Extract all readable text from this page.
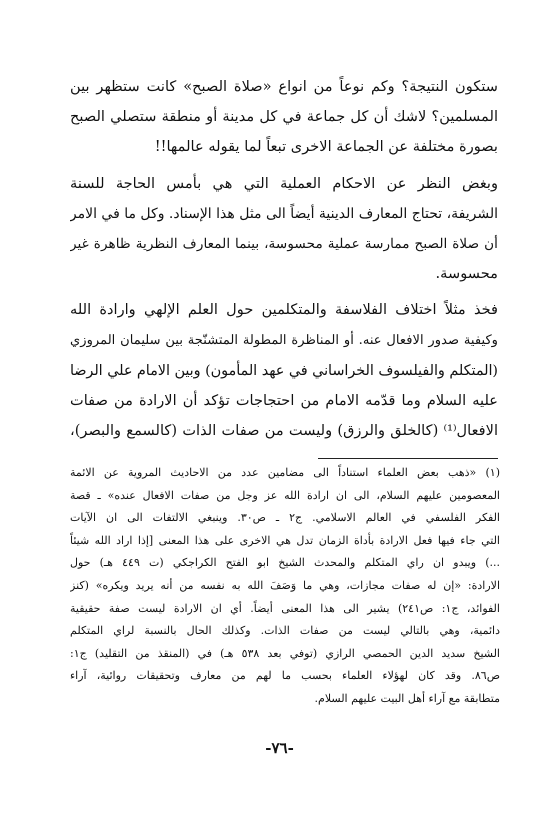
ستكون النتيجة؟ وكم نوعاً من انواع «صلاة الصبح» كانت ستظهر بين
المسلمين؟ لاشك أن كل جماعة في كل مدينة أو منطقة ستصلي الصبح
بصورة مختلفة عن الجماعة الاخرى تبعاً لما يقوله عالمها!!
وبغض النظر عن الاحكام العملية التي هي بأمس الحاجة للسنة
الشريفة، تحتاج المعارف الدينية أيضاً الى مثل هذا الإسناد. وكل ما في الامر
أن صلاة الصبح ممارسة عملية محسوسة، بينما المعارف النظرية ظاهرة غير
محسوسة.
فخذ مثلاً اختلاف الفلاسفة والمتكلمين حول العلم الإلهي وارادة الله
وكيفية صدور الافعال عنه. أو المناظرة المطولة المتشنّجة بين سليمان المروزي
(المتكلم والفيلسوف الخراساني في عهد المأمون) وبين الامام علي الرضا
عليه السلام وما قدّمه الامام من احتجاجات تؤكد أن الارادة من صفات
الافعال⁽¹⁾ (كالخلق والرزق) وليست من صفات الذات (كالسمع والبصر)،
(١) «ذهب بعض العلماء استناداً الى مضامين عدد من الاحاديث المروية عن الائمة
المعصومين عليهم السلام، الى ان ارادة الله عز وجل من صفات الافعال عنده» ـ قصة
الفكر الفلسفي في العالم الاسلامي. ج٢ ـ ص٣٠. وينبغي الالتفات الى ان الآيات
التي جاء فيها فعل الارادة بأداة الزمان تدل هي الاخرى على هذا المعنى [إذا اراد الله شيئاً
...) ويبدو ان راي المتكلم والمحدث الشيخ ابو الفتح الكراجكي (ت ٤٤٩ هـ) حول
الارادة: «إن له صفات مجازات، وهي ما وَصَفَ الله به نفسه من أنه يريد ويكره» (كنز
الفوائد، ج١: ص٢٤١) يشير الى هذا المعنى أيضاً. أي ان الارادة ليست صفة حقيقية
دائمية، وهي بالتالي ليست من صفات الذات. وكذلك الحال بالنسبة لراي المتكلم
الشيخ سديد الدين الحمصي الرازي (توفي بعد ٥٣٨ هـ) في (المنقذ من التقليد) ج١:
ص٨٦. وقد كان لهؤلاء العلماء بحسب ما لهم من معارف وتحقيقات روائية، آراء
متطابقة مع آراء أهل البيت عليهم السلام.
-٧٦-
